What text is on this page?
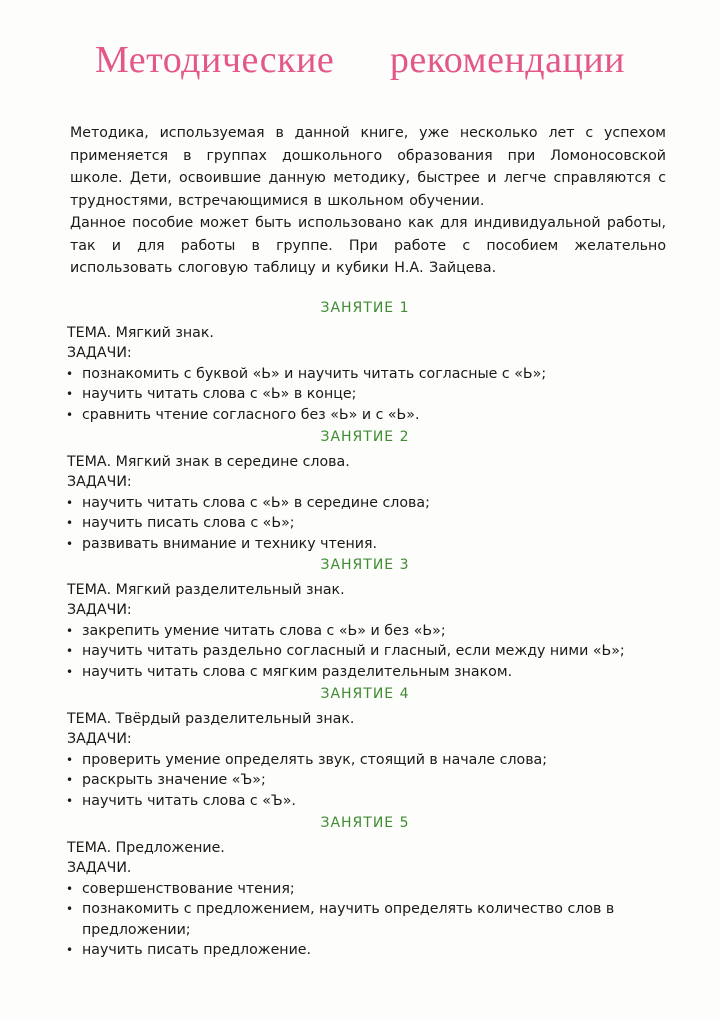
Методические рекомендации

Методика, используемая в данной книге, уже несколько лет с успехом применяется в группах дошкольного образования при Ломоносовской школе. Дети, освоившие данную методику, быстрее и легче справляются с трудностями, встречающимися в школьном обучении.

Данное пособие может быть использовано как для индивидуальной работы, так и для работы в группе. При работе с пособием желательно использовать слоговую таблицу и кубики Н.А. Зайцева.

ЗАНЯТИЕ 1
ТЕМА. Мягкий знак.
ЗАДАЧИ:
• познакомить с буквой «Ь» и научить читать согласные с «Ь»;
• научить читать слова с «Ь» в конце;
• сравнить чтение согласного без «Ь» и с «Ь».
ЗАНЯТИЕ 2
ТЕМА. Мягкий знак в середине слова.
ЗАДАЧИ:
• научить читать слова с «Ь» в середине слова;
• научить писать слова с «Ь»;
• развивать внимание и технику чтения.
ЗАНЯТИЕ 3
ТЕМА. Мягкий разделительный знак.
ЗАДАЧИ:
• закрепить умение читать слова с «Ь» и без «Ь»;
• научить читать раздельно согласный и гласный, если между ними «Ь»;
• научить читать слова с мягким разделительным знаком.
ЗАНЯТИЕ 4
ТЕМА. Твёрдый разделительный знак.
ЗАДАЧИ:
• проверить умение определять звук, стоящий в начале слова;
• раскрыть значение «Ъ»;
• научить читать слова с «Ъ».
ЗАНЯТИЕ 5
ТЕМА. Предложение.
ЗАДАЧИ.
• совершенствование чтения;
• познакомить с предложением, научить определять количество слов в предложении;
• научить писать предложение.
